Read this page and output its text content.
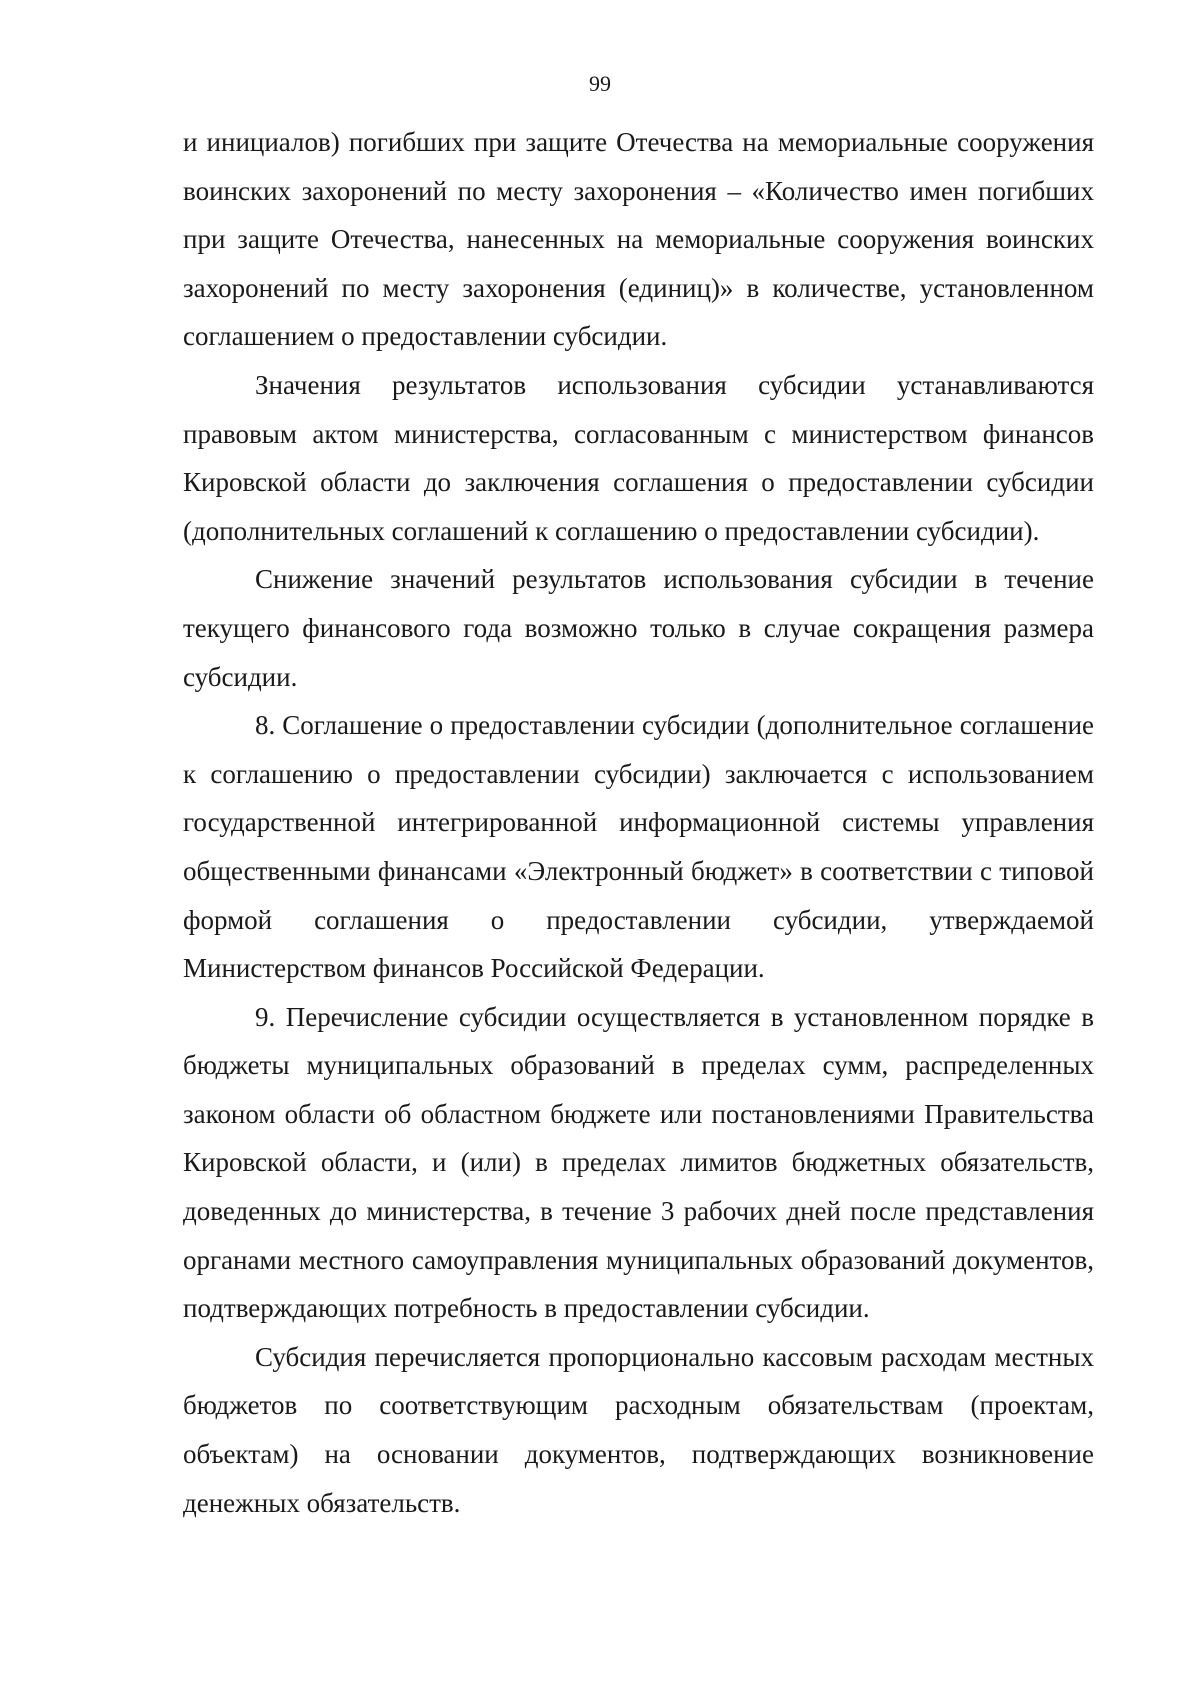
99

и инициалов) погибших при защите Отечества на мемориальные сооружения воинских захоронений по месту захоронения – «Количество имен погибших при защите Отечества, нанесенных на мемориальные сооружения воинских захоронений по месту захоронения (единиц)» в количестве, установленном соглашением о предоставлении субсидии.

Значения результатов использования субсидии устанавливаются правовым актом министерства, согласованным с министерством финансов Кировской области до заключения соглашения о предоставлении субсидии (дополнительных соглашений к соглашению о предоставлении субсидии).

Снижение значений результатов использования субсидии в течение текущего финансового года возможно только в случае сокращения размера субсидии.

8. Соглашение о предоставлении субсидии (дополнительное соглашение к соглашению о предоставлении субсидии) заключается с использованием государственной интегрированной информационной системы управления общественными финансами «Электронный бюджет» в соответствии с типовой формой соглашения о предоставлении субсидии, утверждаемой Министерством финансов Российской Федерации.

9. Перечисление субсидии осуществляется в установленном порядке в бюджеты муниципальных образований в пределах сумм, распределенных законом области об областном бюджете или постановлениями Правительства Кировской области, и (или) в пределах лимитов бюджетных обязательств, доведенных до министерства, в течение 3 рабочих дней после представления органами местного самоуправления муниципальных образований документов, подтверждающих потребность в предоставлении субсидии.

Субсидия перечисляется пропорционально кассовым расходам местных бюджетов по соответствующим расходным обязательствам (проектам, объектам) на основании документов, подтверждающих возникновение денежных обязательств.
